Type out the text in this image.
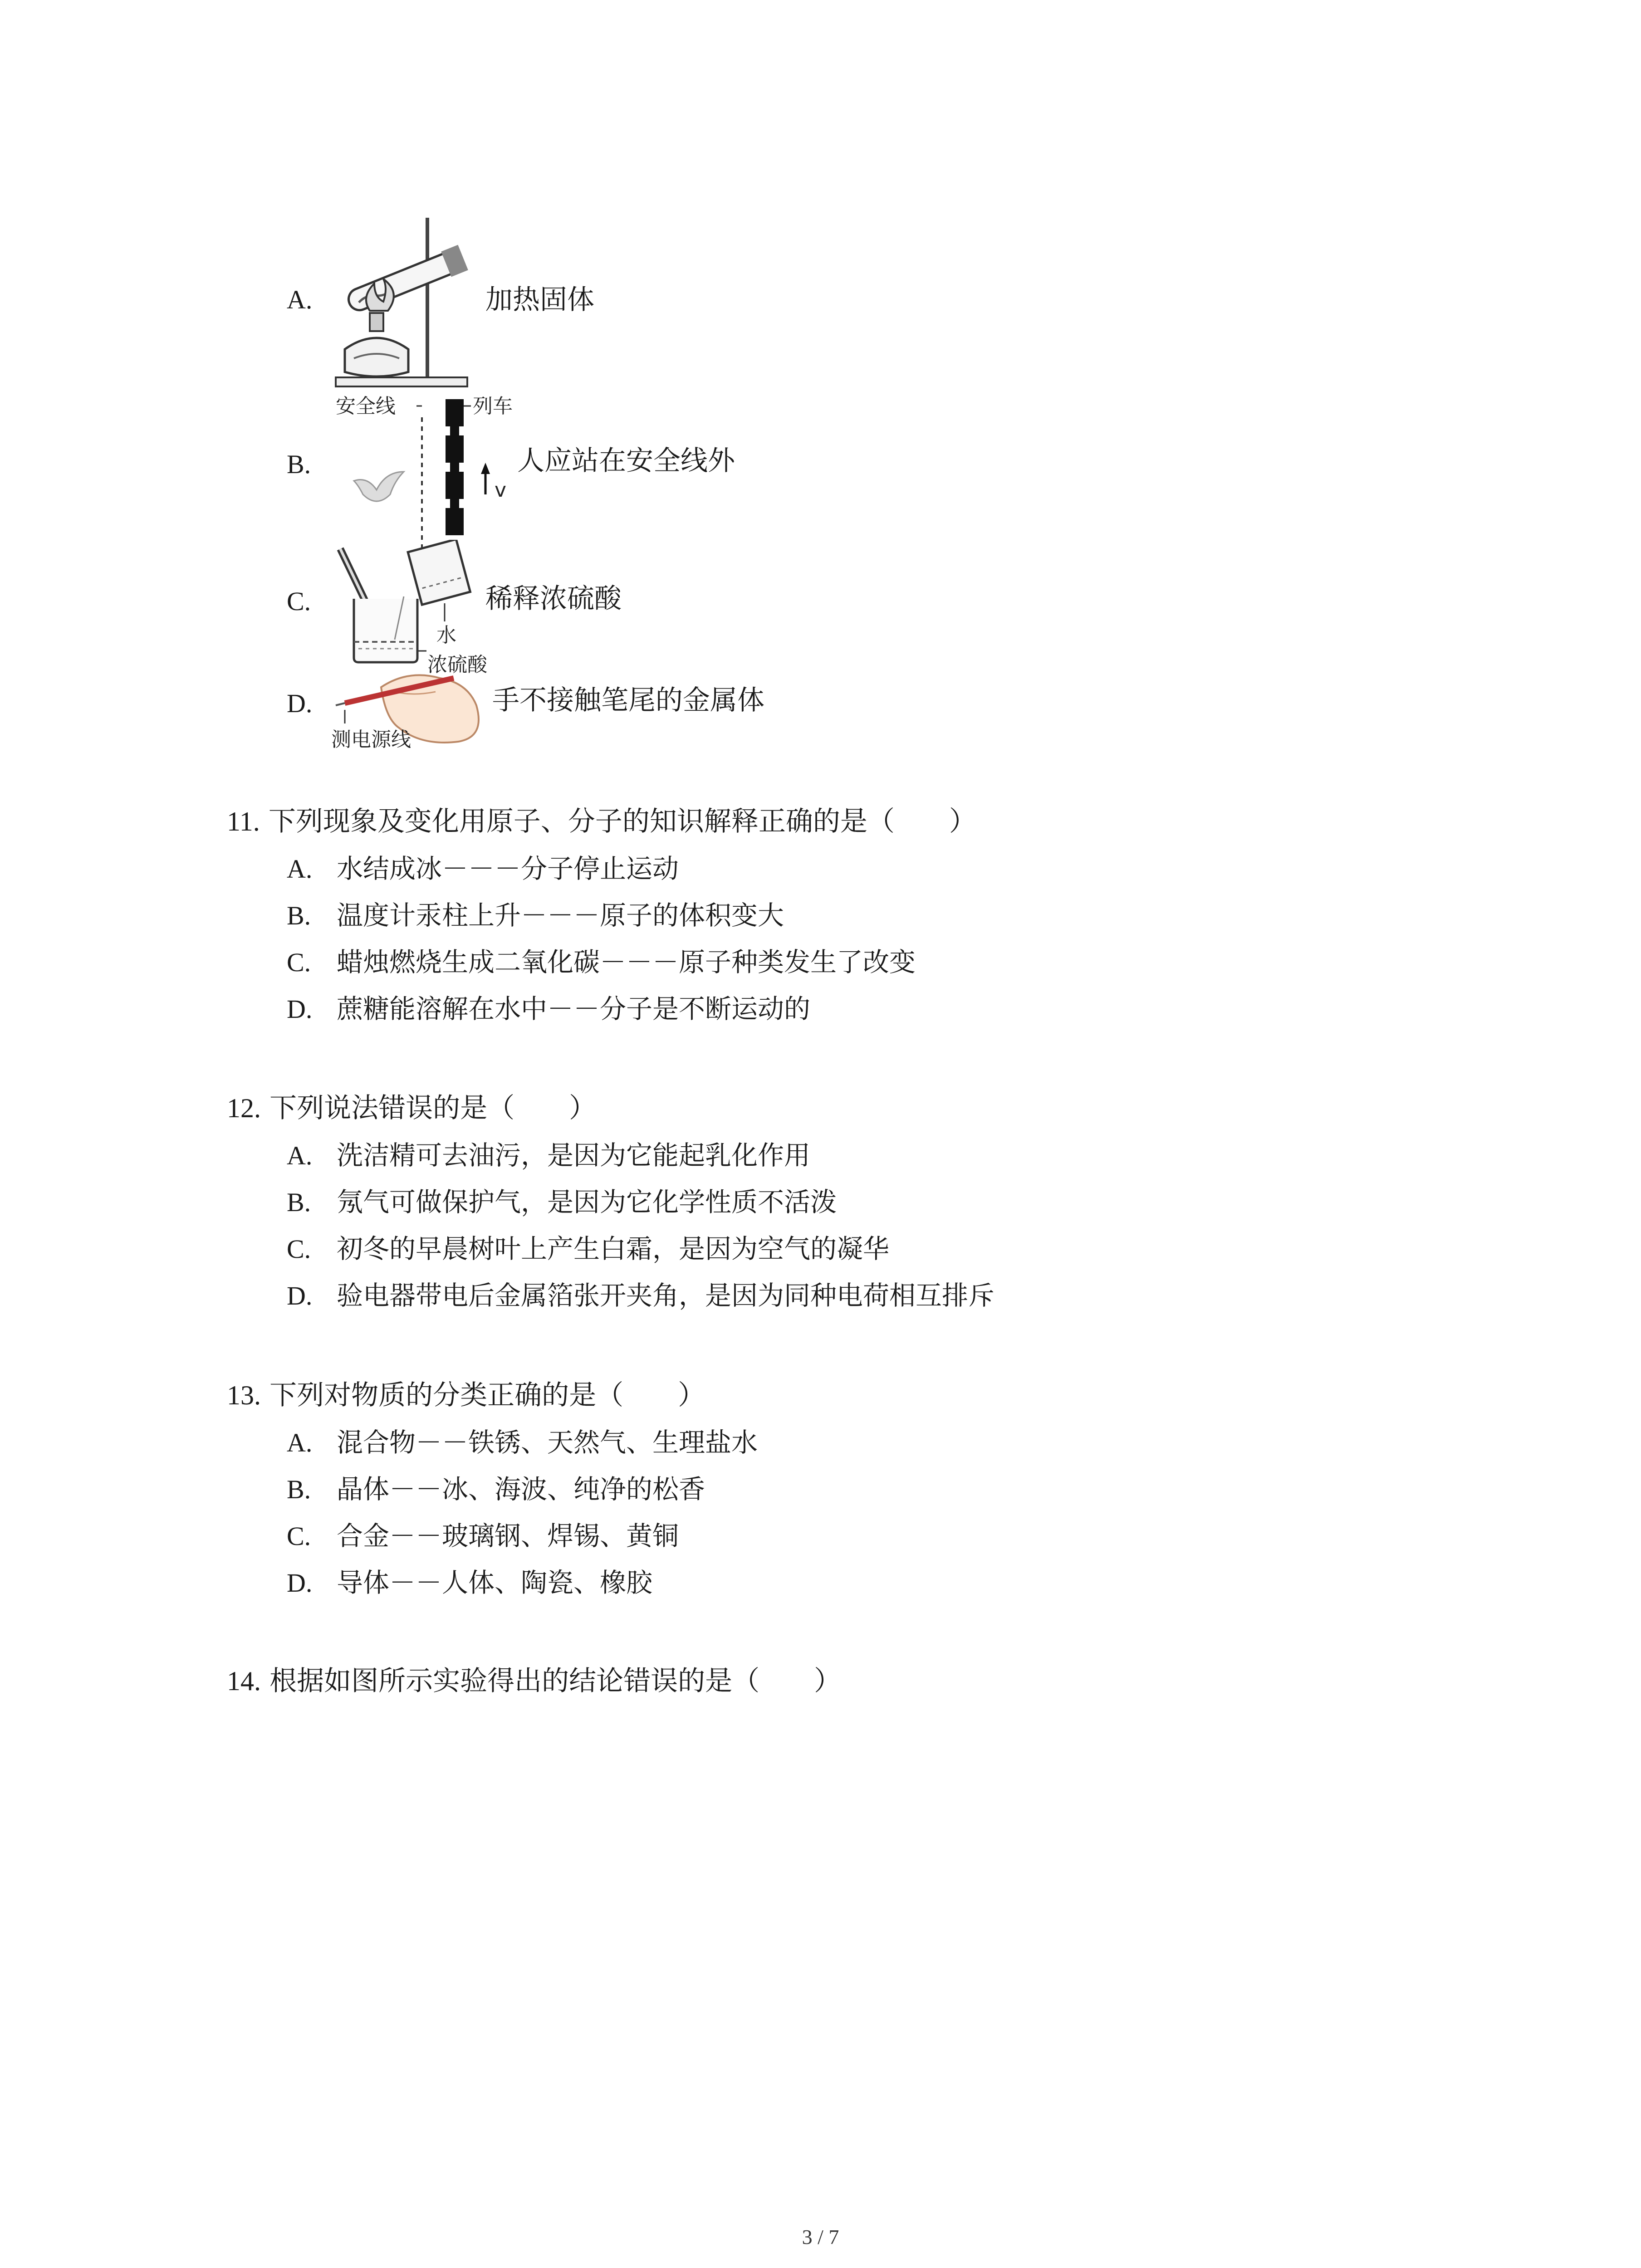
A.	加热固体
B.
安全线	列车
v
人应站在安全线外
C.
水
浓硫酸
稀释浓硫酸
D.
测电源线
手不接触笔尾的金属体
11. 下列现象及变化用原子、分子的知识解释正确的是（　　）
A. 水结成冰－－－分子停止运动
B. 温度计汞柱上升－－－原子的体积变大
C. 蜡烛燃烧生成二氧化碳－－－原子种类发生了改变
D. 蔗糖能溶解在水中－－分子是不断运动的
12. 下列说法错误的是（　　）
A. 洗洁精可去油污，是因为它能起乳化作用
B. 氖气可做保护气，是因为它化学性质不活泼
C. 初冬的早晨树叶上产生白霜，是因为空气的凝华
D. 验电器带电后金属箔张开夹角，是因为同种电荷相互排斥
13. 下列对物质的分类正确的是（　　）
A. 混合物－－铁锈、天然气、生理盐水
B. 晶体－－冰、海波、纯净的松香
C. 合金－－玻璃钢、焊锡、黄铜
D. 导体－－人体、陶瓷、橡胶
14. 根据如图所示实验得出的结论错误的是（　　）
3 / 7
